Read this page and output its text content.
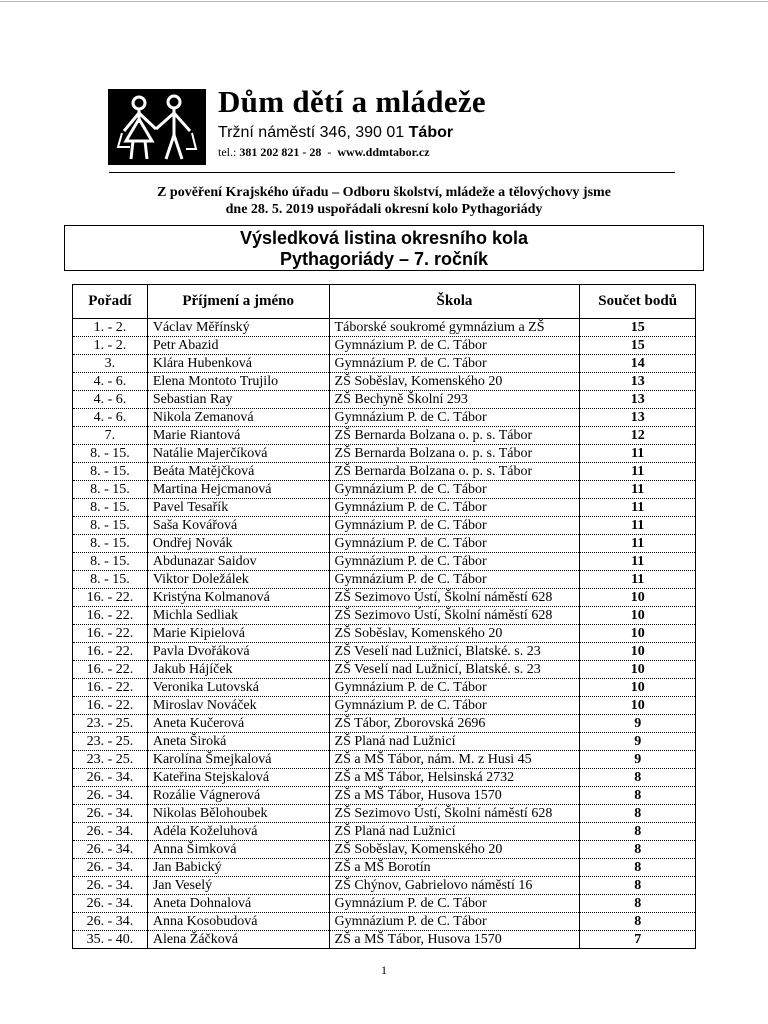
Dům dětí a mládeže
Tržní náměstí 346, 390 01 Tábor
tel.: 381 202 821 - 28  -  www.ddmtabor.cz
Z pověření Krajského úřadu – Odboru školství, mládeže a tělovýchovy jsme
dne 28. 5. 2019 uspořádali okresní kolo Pythagoriády
Výsledková listina okresního kola
Pythagoriády – 7. ročník
Pořadí	Příjmení a jméno	Škola	Součet bodů
1. - 2.	Václav Měřínský	Táborské soukromé gymnázium a ZŠ	15
1. - 2.	Petr Abazid	Gymnázium P. de C. Tábor	15
3.	Klára Hubenková	Gymnázium P. de C. Tábor	14
4. - 6.	Elena Montoto Trujilo	ZŠ Soběslav, Komenského 20	13
4. - 6.	Sebastian Ray	ZŠ Bechyně Školní 293	13
4. - 6.	Nikola Zemanová	Gymnázium P. de C. Tábor	13
7.	Marie Riantová	ZŠ Bernarda Bolzana o. p. s. Tábor	12
8. - 15.	Natálie Majerčíková	ZŠ Bernarda Bolzana o. p. s. Tábor	11
8. - 15.	Beáta Matějčková	ZŠ Bernarda Bolzana o. p. s. Tábor	11
8. - 15.	Martina Hejcmanová	Gymnázium P. de C. Tábor	11
8. - 15.	Pavel Tesařík	Gymnázium P. de C. Tábor	11
8. - 15.	Saša Kovářová	Gymnázium P. de C. Tábor	11
8. - 15.	Ondřej Novák	Gymnázium P. de C. Tábor	11
8. - 15.	Abdunazar Saidov	Gymnázium P. de C. Tábor	11
8. - 15.	Viktor Doležálek	Gymnázium P. de C. Tábor	11
16. - 22.	Kristýna Kolmanová	ZŠ Sezimovo Ústí, Školní náměstí 628	10
16. - 22.	Michla Sedliak	ZŠ Sezimovo Ústí, Školní náměstí 628	10
16. - 22.	Marie Kipielová	ZŠ Soběslav, Komenského 20	10
16. - 22.	Pavla Dvořáková	ZŠ Veselí nad Lužnicí, Blatské. s. 23	10
16. - 22.	Jakub Hájíček	ZŠ Veselí nad Lužnicí, Blatské. s. 23	10
16. - 22.	Veronika Lutovská	Gymnázium P. de C. Tábor	10
16. - 22.	Miroslav Nováček	Gymnázium P. de C. Tábor	10
23. - 25.	Aneta Kučerová	ZŠ Tábor, Zborovská 2696	9
23. - 25.	Aneta Široká	ZŠ Planá nad Lužnicí	9
23. - 25.	Karolína Šmejkalová	ZŠ a MŠ Tábor, nám. M. z Husi 45	9
26. - 34.	Kateřina Stejskalová	ZŠ a MŠ Tábor, Helsinská 2732	8
26. - 34.	Rozálie Vágnerová	ZŠ a MŠ Tábor, Husova 1570	8
26. - 34.	Nikolas Bělohoubek	ZŠ Sezimovo Ústí, Školní náměstí 628	8
26. - 34.	Adéla Koželuhová	ZŠ Planá nad Lužnicí	8
26. - 34.	Anna Šimková	ZŠ Soběslav, Komenského 20	8
26. - 34.	Jan Babický	ZŠ a MŠ Borotín	8
26. - 34.	Jan Veselý	ZŠ Chýnov, Gabrielovo náměstí 16	8
26. - 34.	Aneta Dohnalová	Gymnázium P. de C. Tábor	8
26. - 34.	Anna Kosobudová	Gymnázium P. de C. Tábor	8
35. - 40.	Alena Žáčková	ZŠ a MŠ Tábor, Husova 1570	7
1
